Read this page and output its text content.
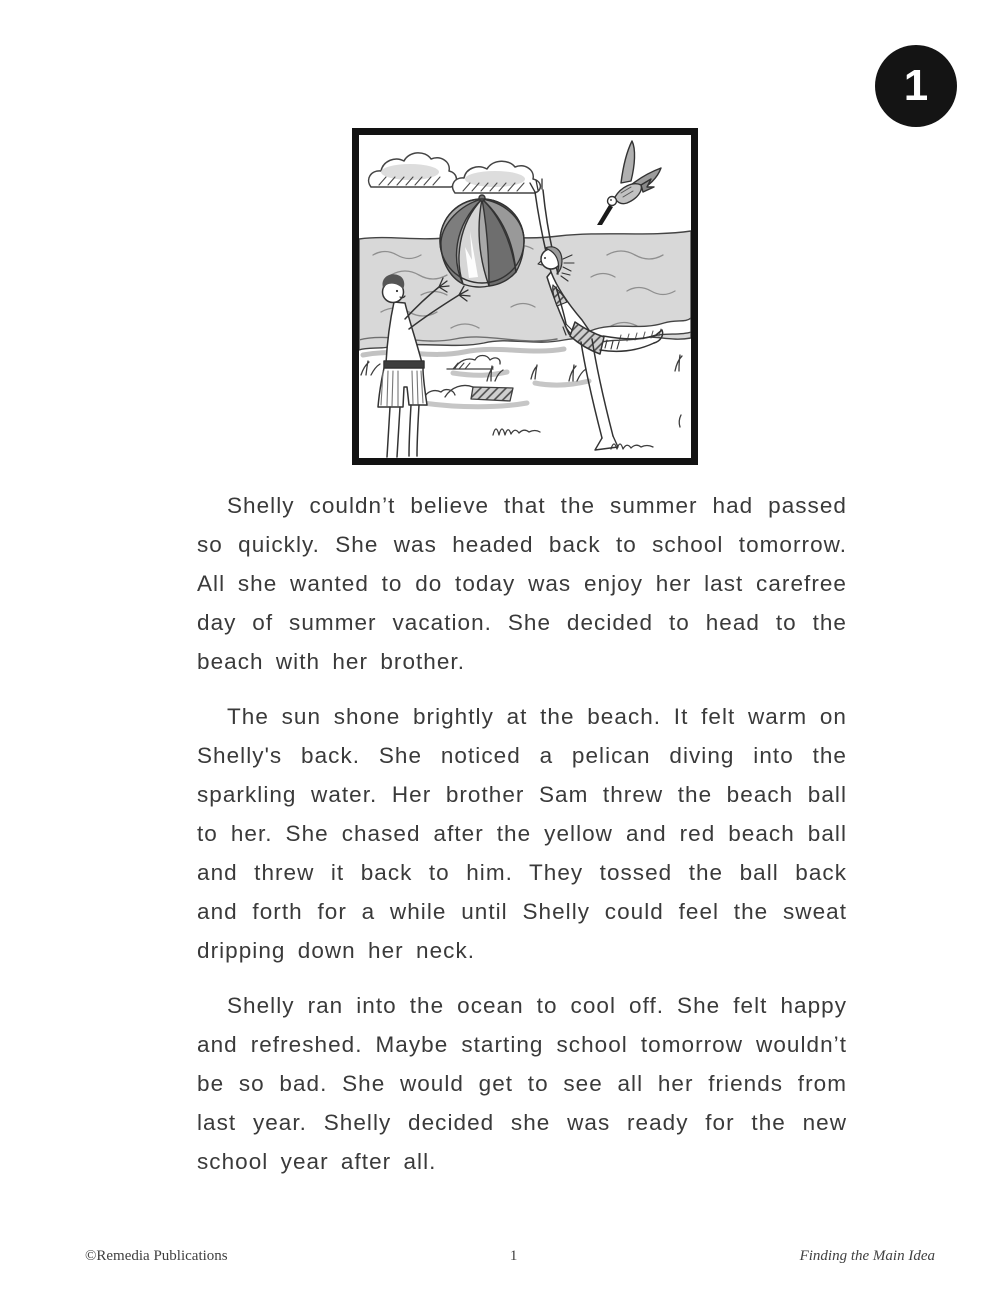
1

Shelly couldn’t believe that the summer had passed so quickly. She was headed back to school tomorrow. All she wanted to do today was enjoy her last carefree day of summer vacation. She decided to head to the beach with her brother.

The sun shone brightly at the beach. It felt warm on Shelly's back. She noticed a pelican diving into the sparkling water. Her brother Sam threw the beach ball to her. She chased after the yellow and red beach ball and threw it back to him. They tossed the ball back and forth for a while until Shelly could feel the sweat dripping down her neck.

Shelly ran into the ocean to cool off. She felt happy and refreshed. Maybe starting school tomorrow wouldn’t be so bad. She would get to see all her friends from last year. Shelly decided she was ready for the new school year after all.

©Remedia Publications	1	Finding the Main Idea
